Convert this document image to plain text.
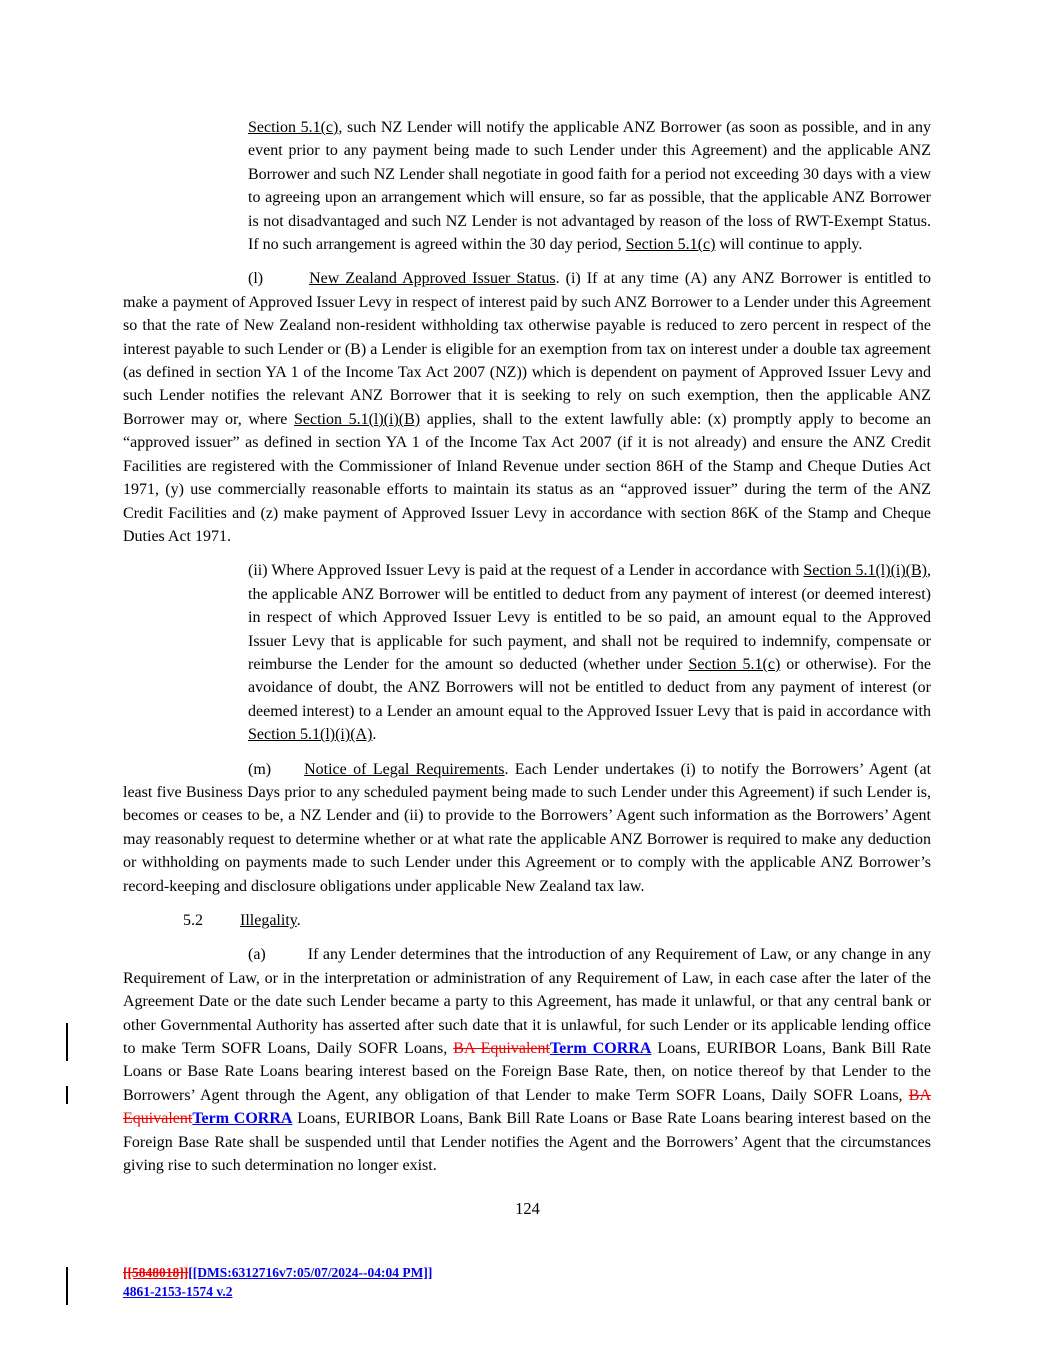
Section 5.1(c), such NZ Lender will notify the applicable ANZ Borrower (as soon as possible, and in any event prior to any payment being made to such Lender under this Agreement) and the applicable ANZ Borrower and such NZ Lender shall negotiate in good faith for a period not exceeding 30 days with a view to agreeing upon an arrangement which will ensure, so far as possible, that the applicable ANZ Borrower is not disadvantaged and such NZ Lender is not advantaged by reason of the loss of RWT-Exempt Status. If no such arrangement is agreed within the 30 day period, Section 5.1(c) will continue to apply.

(l)	New Zealand Approved Issuer Status. (i) If at any time (A) any ANZ Borrower is entitled to make a payment of Approved Issuer Levy in respect of interest paid by such ANZ Borrower to a Lender under this Agreement so that the rate of New Zealand non-resident withholding tax otherwise payable is reduced to zero percent in respect of the interest payable to such Lender or (B) a Lender is eligible for an exemption from tax on interest under a double tax agreement (as defined in section YA 1 of the Income Tax Act 2007 (NZ)) which is dependent on payment of Approved Issuer Levy and such Lender notifies the relevant ANZ Borrower that it is seeking to rely on such exemption, then the applicable ANZ Borrower may or, where Section 5.1(l)(i)(B) applies, shall to the extent lawfully able: (x) promptly apply to become an “approved issuer” as defined in section YA 1 of the Income Tax Act 2007 (if it is not already) and ensure the ANZ Credit Facilities are registered with the Commissioner of Inland Revenue under section 86H of the Stamp and Cheque Duties Act 1971, (y) use commercially reasonable efforts to maintain its status as an “approved issuer” during the term of the ANZ Credit Facilities and (z) make payment of Approved Issuer Levy in accordance with section 86K of the Stamp and Cheque Duties Act 1971.

(ii) Where Approved Issuer Levy is paid at the request of a Lender in accordance with Section 5.1(l)(i)(B), the applicable ANZ Borrower will be entitled to deduct from any payment of interest (or deemed interest) in respect of which Approved Issuer Levy is entitled to be so paid, an amount equal to the Approved Issuer Levy that is applicable for such payment, and shall not be required to indemnify, compensate or reimburse the Lender for the amount so deducted (whether under Section 5.1(c) or otherwise). For the avoidance of doubt, the ANZ Borrowers will not be entitled to deduct from any payment of interest (or deemed interest) to a Lender an amount equal to the Approved Issuer Levy that is paid in accordance with Section 5.1(l)(i)(A).

(m) Notice of Legal Requirements. Each Lender undertakes (i) to notify the Borrowers’ Agent (at least five Business Days prior to any scheduled payment being made to such Lender under this Agreement) if such Lender is, becomes or ceases to be, a NZ Lender and (ii) to provide to the Borrowers’ Agent such information as the Borrowers’ Agent may reasonably request to determine whether or at what rate the applicable ANZ Borrower is required to make any deduction or withholding on payments made to such Lender under this Agreement or to comply with the applicable ANZ Borrower’s record-keeping and disclosure obligations under applicable New Zealand tax law.

5.2 Illegality.

(a)	If any Lender determines that the introduction of any Requirement of Law, or any change in any Requirement of Law, or in the interpretation or administration of any Requirement of Law, in each case after the later of the Agreement Date or the date such Lender became a party to this Agreement, has made it unlawful, or that any central bank or other Governmental Authority has asserted after such date that it is unlawful, for such Lender or its applicable lending office to make Term SOFR Loans, Daily SOFR Loans, BA EquivalentTerm CORRA Loans, EURIBOR Loans, Bank Bill Rate Loans or Base Rate Loans bearing interest based on the Foreign Base Rate, then, on notice thereof by that Lender to the Borrowers’ Agent through the Agent, any obligation of that Lender to make Term SOFR Loans, Daily SOFR Loans, BA EquivalentTerm CORRA Loans, EURIBOR Loans, Bank Bill Rate Loans or Base Rate Loans bearing interest based on the Foreign Base Rate shall be suspended until that Lender notifies the Agent and the Borrowers’ Agent that the circumstances giving rise to such determination no longer exist.

124
[[5848018]][[DMS:6312716v7:05/07/2024--04:04 PM]]
4861-2153-1574 v.2
